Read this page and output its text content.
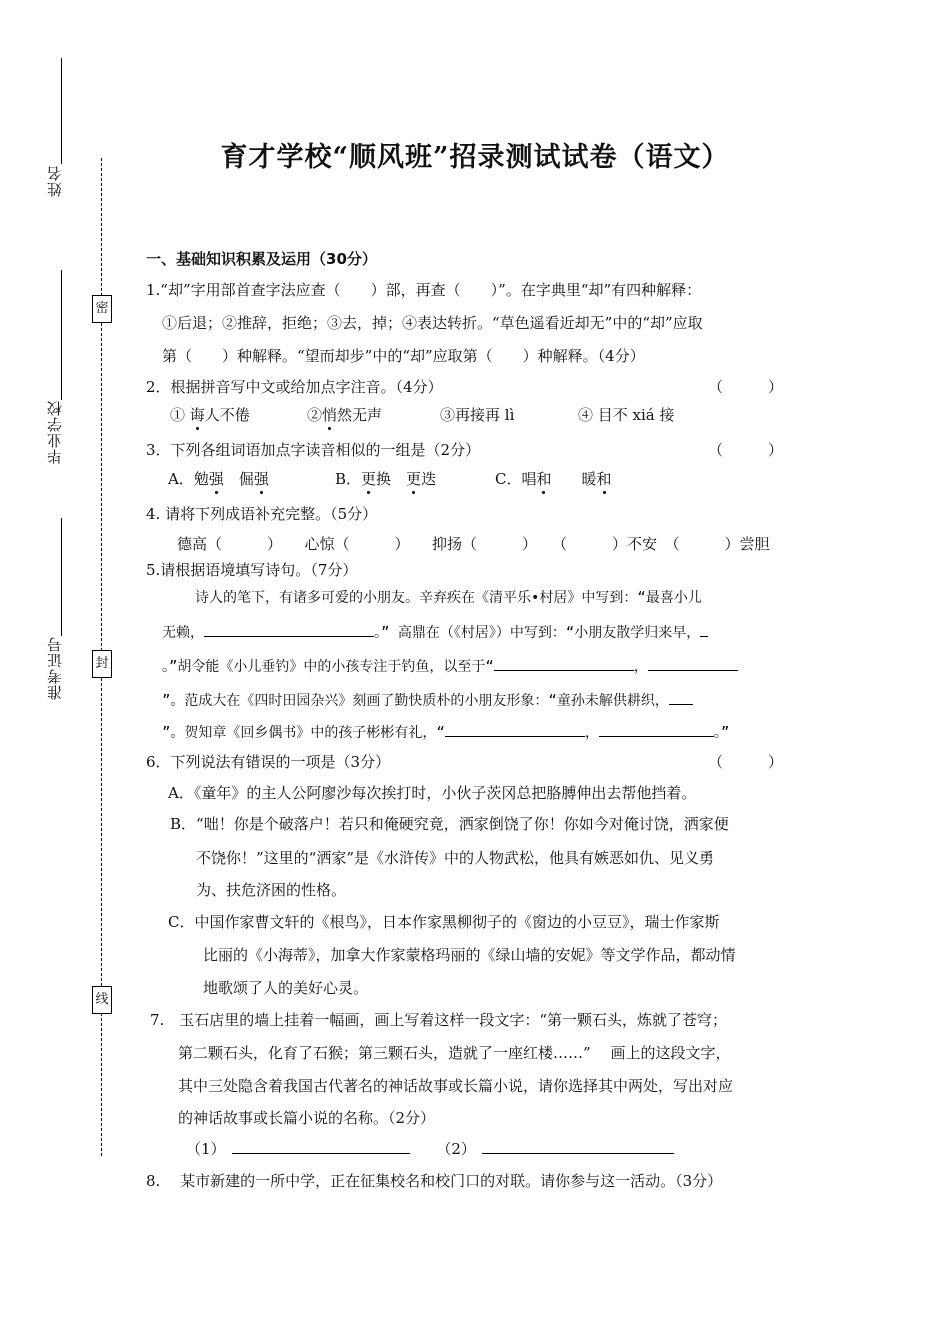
姓名
毕业学校
准考证号
密
封
线
育才学校“顺风班”招录测试试卷（语文）
一、基础知识积累及运用（30分）
1.“却”字用部首查字法应查（　　）部，再查（　　）”。在字典里“却”有四种解释：
①后退；②推辞，拒绝；③去，掉；④表达转折。“草色遥看近却无”中的“却”应取
第（　　）种解释。“望而却步”中的“却”应取第（　　）种解释。（4分）
2．根据拼音写中文或给加点字注音。（4分）	（　　　）
① 诲人不倦	②悄然无声	③再接再 lì	④ 目不 xiá 接
3．下列各组词语加点字读音相似的一组是（2分）	（　　　）
A．勉强　倔强	B．更换　更迭	C．唱和　　暖和
4. 请将下列成语补充完整。（5分）
德高（　　　）　　心惊（　　　）　　抑扬（　　　）　　（　　　）不安　（　　　）尝胆
5.请根据语境填写诗句。（7分）
诗人的笔下，有诸多可爱的小朋友。辛弃疾在《清平乐•村居》中写到：“最喜小儿
无赖，	。” 高鼎在（《村居》）中写到：“小朋友散学归来早，
。”胡令能《小儿垂钓》中的小孩专注于钓鱼，以至于“	，
”。范成大在《四时田园杂兴》刻画了勤快质朴的小朋友形象：“童孙未解供耕织，
”。贺知章《回乡偶书》中的孩子彬彬有礼，“	，	。”
6．下列说法有错误的一项是（3分）	（　　　）
A．《童年》的主人公阿廖沙每次挨打时，小伙子茨冈总把胳膊伸出去帮他挡着。
B．“咄！你是个破落户！若只和俺硬究竟，洒家倒饶了你！你如今对俺讨饶，洒家便
不饶你！”这里的“洒家”是《水浒传》中的人物武松，他具有嫉恶如仇、见义勇
为、扶危济困的性格。
C．中国作家曹文轩的《根鸟》，日本作家黑柳彻子的《窗边的小豆豆》，瑞士作家斯
比丽的《小海蒂》，加拿大作家蒙格玛丽的《绿山墙的安妮》等文学作品，都动情
地歌颂了人的美好心灵。
7.　玉石店里的墙上挂着一幅画，画上写着这样一段文字：“第一颗石头，炼就了苍穹；
第二颗石头，化育了石猴；第三颗石头，造就了一座红楼……”　 画上的这段文字，
其中三处隐含着我国古代著名的神话故事或长篇小说，请你选择其中两处，写出对应
的神话故事或长篇小说的名称。（2分）
（1）	（2）
8.　 某市新建的一所中学，正在征集校名和校门口的对联。请你参与这一活动。（3分）
